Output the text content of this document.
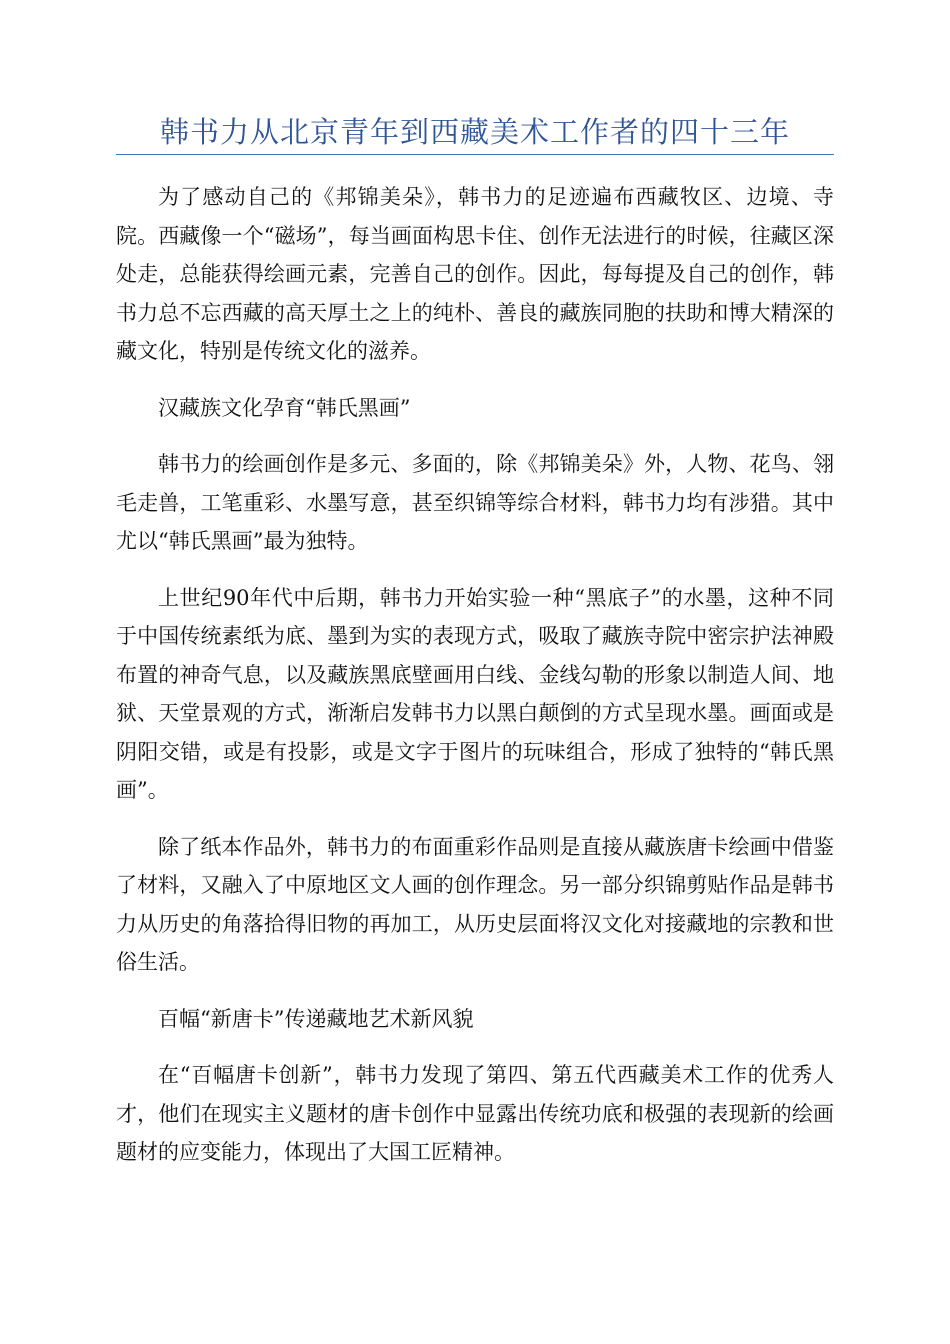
韩书力从北京青年到西藏美术工作者的四十三年

为了感动自己的《邦锦美朵》，韩书力的足迹遍布西藏牧区、边境、寺院。西藏像一个“磁场”，每当画面构思卡住、创作无法进行的时候，往藏区深处走，总能获得绘画元素，完善自己的创作。因此，每每提及自己的创作，韩书力总不忘西藏的高天厚土之上的纯朴、善良的藏族同胞的扶助和博大精深的藏文化，特别是传统文化的滋养。

汉藏族文化孕育“韩氏黑画”

韩书力的绘画创作是多元、多面的，除《邦锦美朵》外，人物、花鸟、翎毛走兽，工笔重彩、水墨写意，甚至织锦等综合材料，韩书力均有涉猎。其中尤以“韩氏黑画”最为独特。

上世纪90年代中后期，韩书力开始实验一种“黑底子”的水墨，这种不同于中国传统素纸为底、墨到为实的表现方式，吸取了藏族寺院中密宗护法神殿布置的神奇气息，以及藏族黑底壁画用白线、金线勾勒的形象以制造人间、地狱、天堂景观的方式，渐渐启发韩书力以黑白颠倒的方式呈现水墨。画面或是阴阳交错，或是有投影，或是文字于图片的玩味组合，形成了独特的“韩氏黑画”。

除了纸本作品外，韩书力的布面重彩作品则是直接从藏族唐卡绘画中借鉴了材料，又融入了中原地区文人画的创作理念。另一部分织锦剪贴作品是韩书力从历史的角落拾得旧物的再加工，从历史层面将汉文化对接藏地的宗教和世俗生活。

百幅“新唐卡”传递藏地艺术新风貌

在“百幅唐卡创新”，韩书力发现了第四、第五代西藏美术工作的优秀人才，他们在现实主义题材的唐卡创作中显露出传统功底和极强的表现新的绘画题材的应变能力，体现出了大国工匠精神。
